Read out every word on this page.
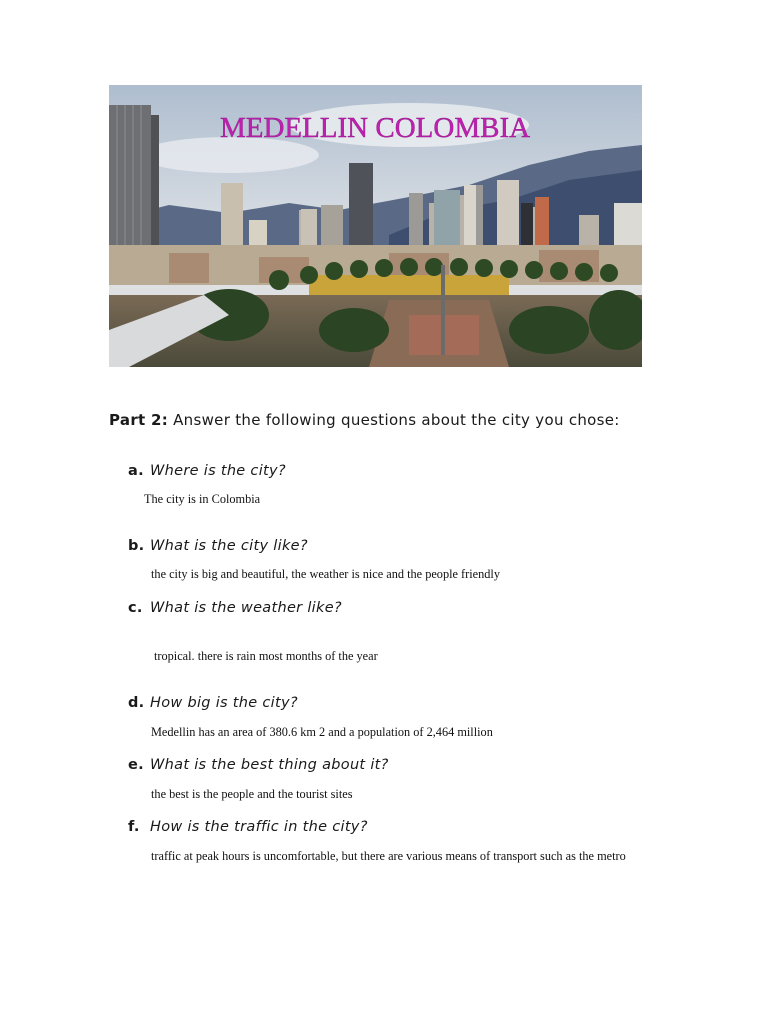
MEDELLIN COLOMBIA
Part 2: Answer the following questions about the city you chose:
a. Where is the city?
The city is in Colombia
b. What is the city like?
the city is big and beautiful, the weather is nice and the people friendly
c. What is the weather like?
tropical. there is rain most months of the year
d. How big is the city?
Medellin has an area of 380.6 km 2 and a population of 2,464 million
e. What is the best thing about it?
the best is the people and the tourist sites
f. How is the traffic in the city?
traffic at peak hours is uncomfortable, but there are various means of transport such as the metro
